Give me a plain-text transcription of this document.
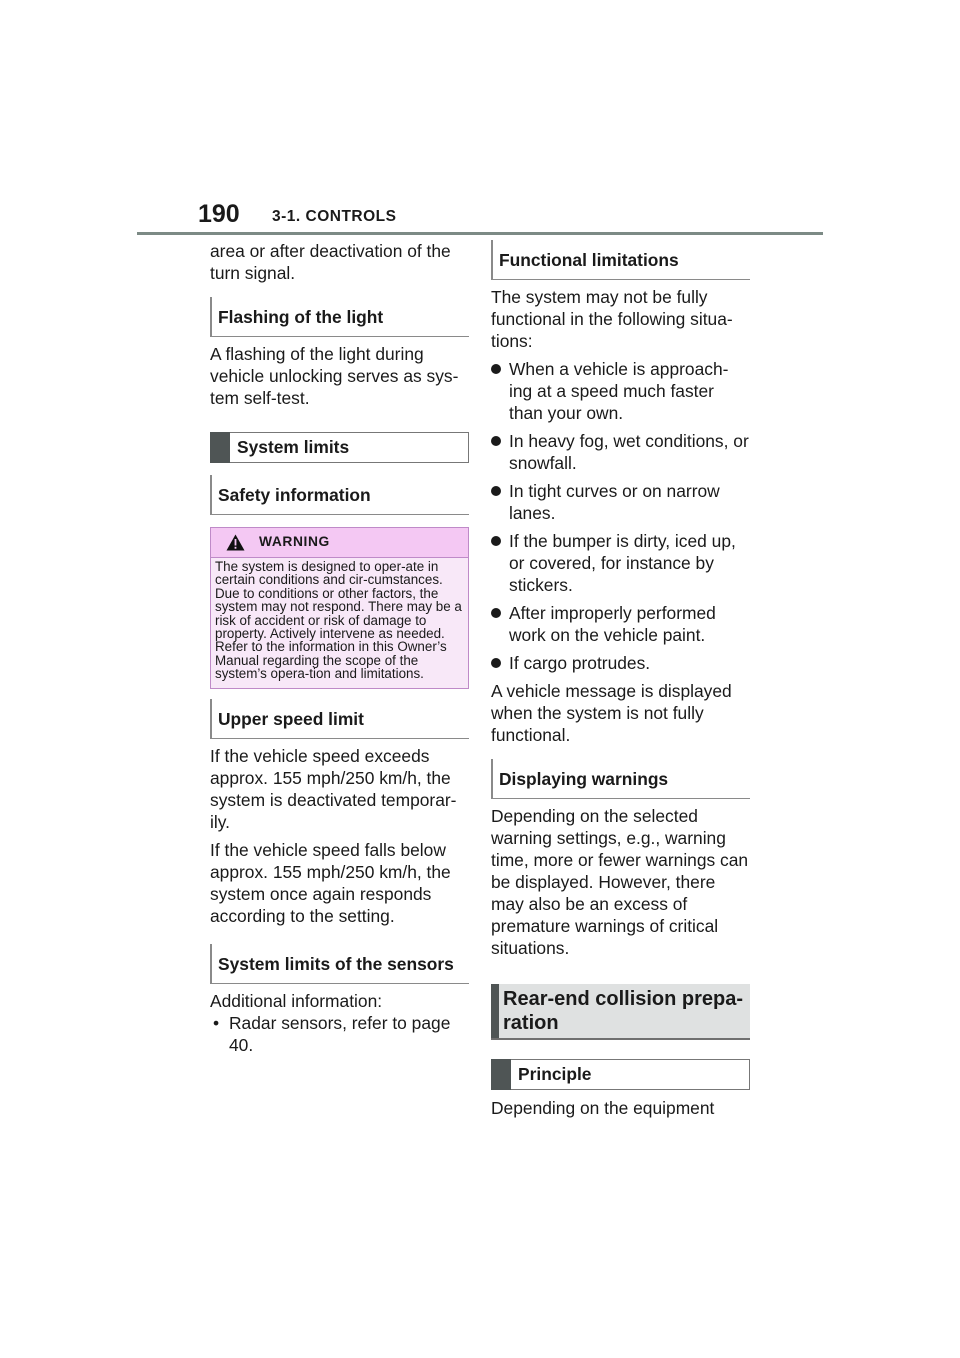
190 3-1. CONTROLS

area or after deactivation of the turn signal.

Flashing of the light

A flashing of the light during vehicle unlocking serves as sys-tem self-test.

System limits
Safety information
WARNING
The system is designed to oper-ate in certain conditions and cir-cumstances. Due to conditions or other factors, the system may not respond. There may be a risk of accident or risk of damage to property. Actively intervene as needed. Refer to the information in this Owner’s Manual regarding the scope of the system’s opera-tion and limitations.
Upper speed limit

If the vehicle speed exceeds approx. 155 mph/250 km/h, the system is deactivated temporar-ily.

If the vehicle speed falls below approx. 155 mph/250 km/h, the system once again responds according to the setting.

System limits of the sensors

Additional information:

• Radar sensors, refer to page 40.
Functional limitations

The system may not be fully functional in the following situa-tions:

When a vehicle is approach-ing at a speed much faster than your own.
In heavy fog, wet conditions, or snowfall.
In tight curves or on narrow lanes.
If the bumper is dirty, iced up, or covered, for instance by stickers.
After improperly performed work on the vehicle paint.
If cargo protrudes.

A vehicle message is displayed when the system is not fully functional.

Displaying warnings

Depending on the selected warning settings, e.g., warning time, more or fewer warnings can be displayed. However, there may also be an excess of premature warnings of critical situations.

Rear-end collision prepa-ration
Principle

Depending on the equipment
